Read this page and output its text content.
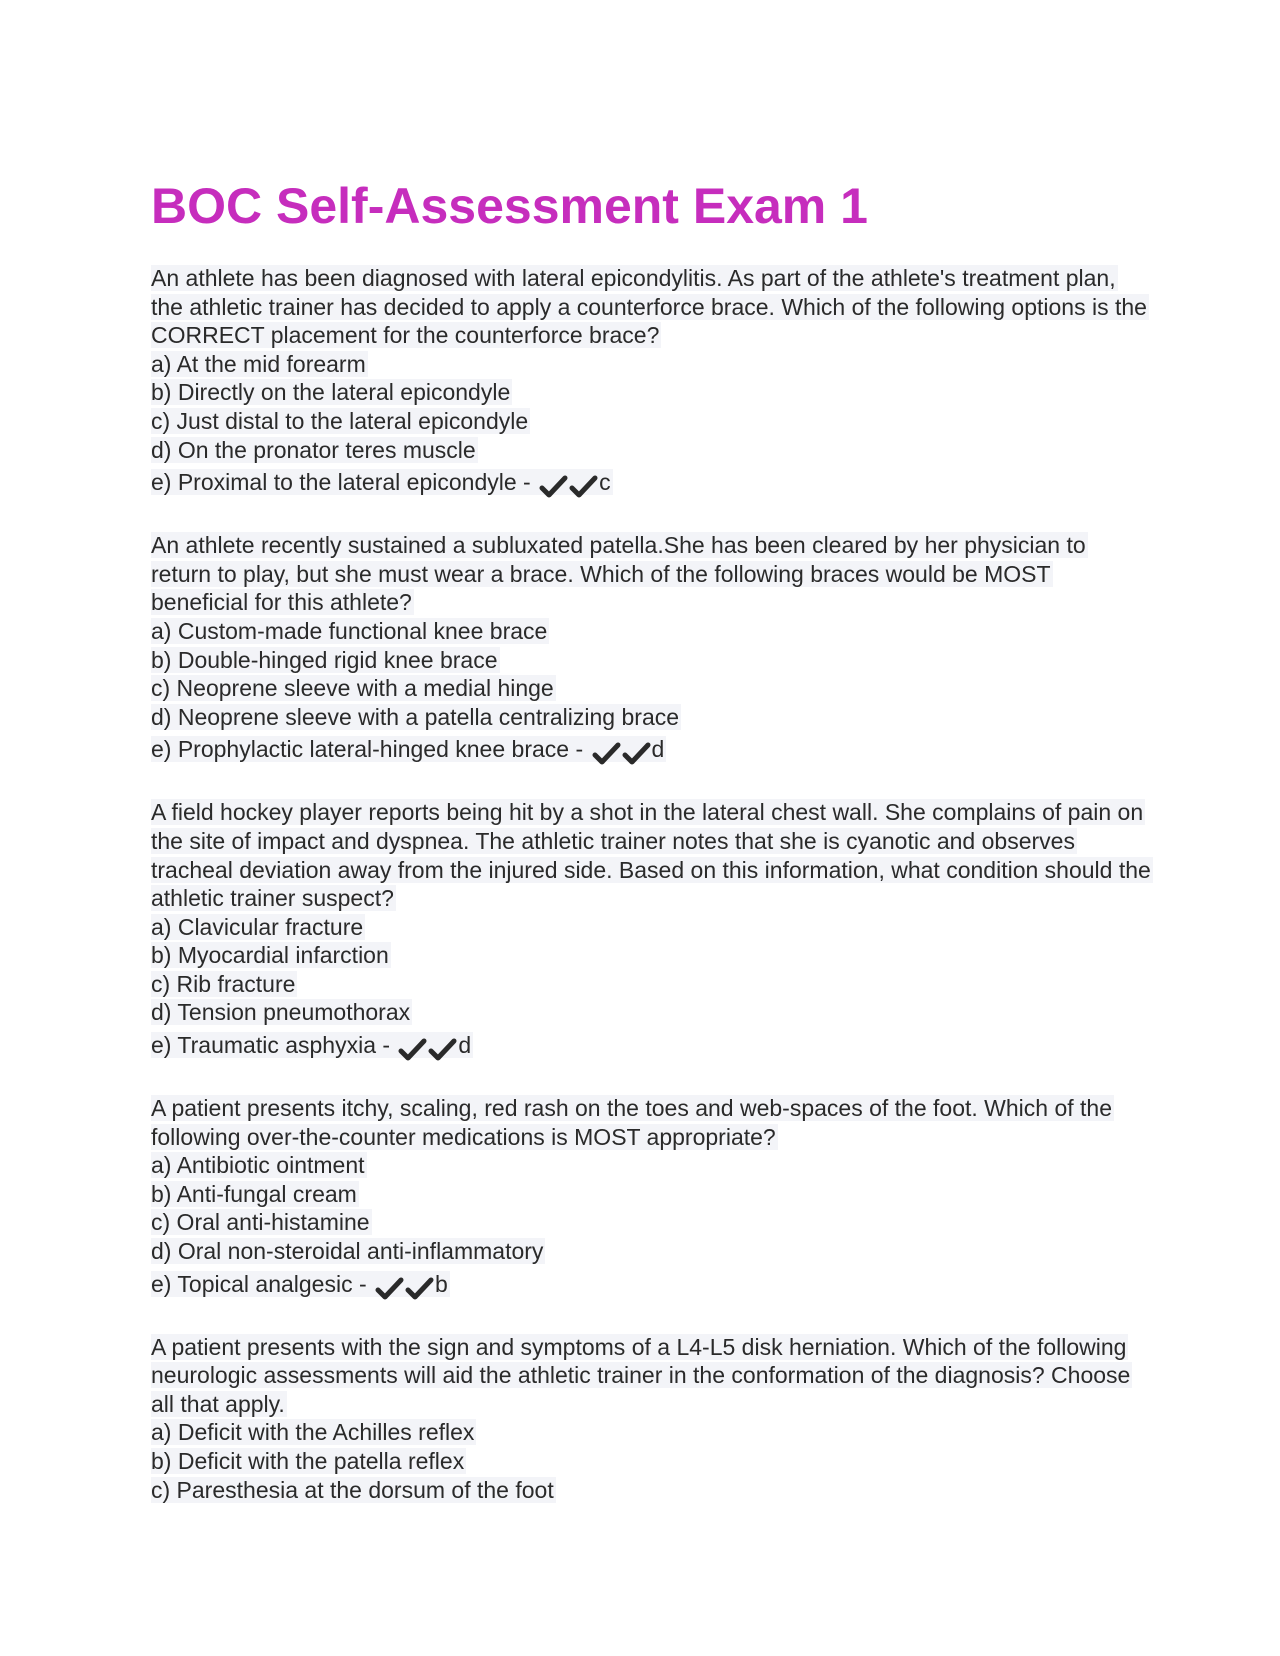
BOC Self-Assessment Exam 1
An athlete has been diagnosed with lateral epicondylitis. As part of the athlete's treatment plan, the athletic trainer has decided to apply a counterforce brace. Which of the following options is the CORRECT placement for the counterforce brace?
a) At the mid forearm
b) Directly on the lateral epicondyle
c) Just distal to the lateral epicondyle
d) On the pronator teres muscle
e) Proximal to the lateral epicondyle -	c
An athlete recently sustained a subluxated patella.She has been cleared by her physician to return to play, but she must wear a brace. Which of the following braces would be MOST beneficial for this athlete?
a) Custom-made functional knee brace
b) Double-hinged rigid knee brace
c) Neoprene sleeve with a medial hinge
d) Neoprene sleeve with a patella centralizing brace
e) Prophylactic lateral-hinged knee brace -	d
A field hockey player reports being hit by a shot in the lateral chest wall. She complains of pain on the site of impact and dyspnea. The athletic trainer notes that she is cyanotic and observes tracheal deviation away from the injured side. Based on this information, what condition should the athletic trainer suspect?
a) Clavicular fracture
b) Myocardial infarction
c) Rib fracture
d) Tension pneumothorax
e) Traumatic asphyxia -	d
A patient presents itchy, scaling, red rash on the toes and web-spaces of the foot. Which of the following over-the-counter medications is MOST appropriate?
a) Antibiotic ointment
b) Anti-fungal cream
c) Oral anti-histamine
d) Oral non-steroidal anti-inflammatory
e) Topical analgesic -	b
A patient presents with the sign and symptoms of a L4-L5 disk herniation. Which of the following neurologic assessments will aid the athletic trainer in the conformation of the diagnosis? Choose all that apply.
a) Deficit with the Achilles reflex
b) Deficit with the patella reflex
c) Paresthesia at the dorsum of the foot
